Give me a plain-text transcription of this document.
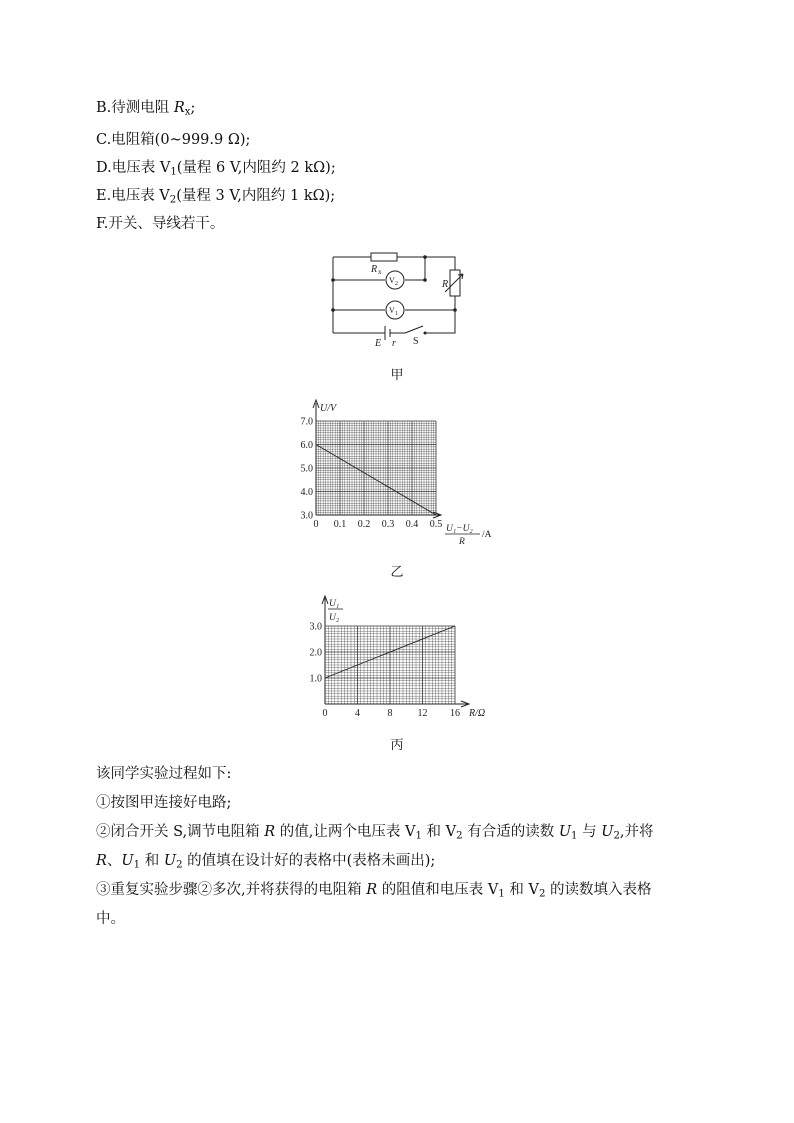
B.待测电阻 $R_x$;
C.电阻箱(0~999.9 Ω);
D.电压表 $V_1$(量程 6 V,内阻约 2 kΩ);
E.电压表 $V_2$(量程 3 V,内阻约 1 kΩ);
F.开关、导线若干。
R x
V 2
V 1
R
E r S
甲
0 0.1 0.2 0.3 0.4 0.5
3.0
4.0
5.0
6.0
7.0
U/V
U₁−U₂
R
/A
乙
0	4	8	12 16
1.0
2.0
3.0
U₁
U₂
R/Ω
丙
该同学实验过程如下:
①按图甲连接好电路;
②闭合开关 S,调节电阻箱 R 的值,让两个电压表 $V_1$ 和 $V_2$ 有合适的读数 $U_1$ 与 $U_2$,并将
R、$U_1$ 和 $U_2$ 的值填在设计好的表格中(表格未画出);
③重复实验步骤②多次,并将获得的电阻箱 R 的阻值和电压表 $V_1$ 和 $V_2$ 的读数填入表格
中。
